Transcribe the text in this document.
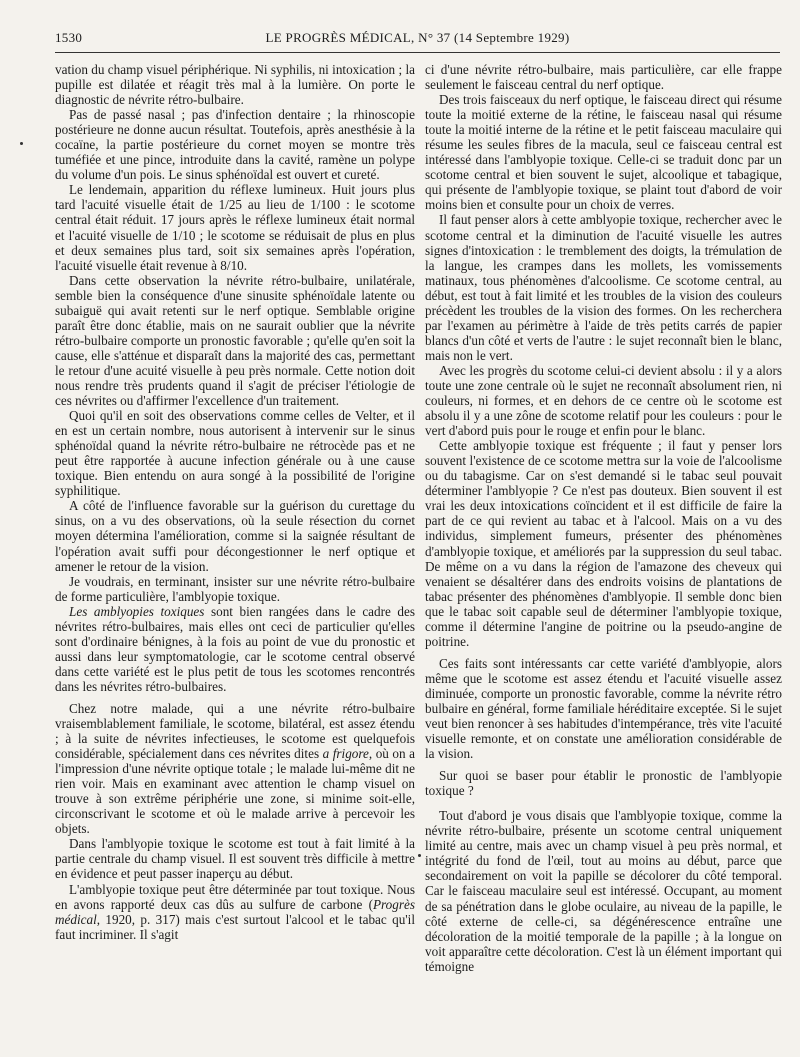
1530	LE PROGRÈS MÉDICAL, N° 37 (14 Septembre 1929)

vation du champ visuel périphérique. Ni syphilis, ni intoxication ; la pupille est dilatée et réagit très mal à la lumière. On porte le diagnostic de névrite rétro-bulbaire.

Pas de passé nasal ; pas d'infection dentaire ; la rhinoscopie postérieure ne donne aucun résultat. Toutefois, après anesthésie à la cocaïne, la partie postérieure du cornet moyen se montre très tuméfiée et une pince, introduite dans la cavité, ramène un polype du volume d'un pois. Le sinus sphénoïdal est ouvert et cureté.

Le lendemain, apparition du réflexe lumineux. Huit jours plus tard l'acuité visuelle était de 1/25 au lieu de 1/100 : le scotome central était réduit. 17 jours après le réflexe lumineux était normal et l'acuité visuelle de 1/10 ; le scotome se réduisait de plus en plus et deux semaines plus tard, soit six semaines après l'opération, l'acuité visuelle était revenue à 8/10.

Dans cette observation la névrite rétro-bulbaire, unilatérale, semble bien la conséquence d'une sinusite sphénoïdale latente ou subaiguë qui avait retenti sur le nerf optique. Semblable origine paraît être donc établie, mais on ne saurait oublier que la névrite rétro-bulbaire comporte un pronostic favorable ; qu'elle qu'en soit la cause, elle s'atténue et disparaît dans la majorité des cas, permettant le retour d'une acuité visuelle à peu près normale. Cette notion doit nous rendre très prudents quand il s'agit de préciser l'étiologie de ces névrites ou d'affirmer l'excellence d'un traitement.

Quoi qu'il en soit des observations comme celles de Velter, et il en est un certain nombre, nous autorisent à intervenir sur le sinus sphénoïdal quand la névrite rétro-bulbaire ne rétrocède pas et ne peut être rapportée à aucune infection générale ou à une cause toxique. Bien entendu on aura songé à la possibilité de l'origine syphilitique.

A côté de l'influence favorable sur la guérison du curettage du sinus, on a vu des observations, où la seule résection du cornet moyen détermina l'amélioration, comme si la saignée résultant de l'opération avait suffi pour décongestionner le nerf optique et amener le retour de la vision.

Je voudrais, en terminant, insister sur une névrite rétro-bulbaire de forme particulière, l'amblyopie toxique.

Les amblyopies toxiques sont bien rangées dans le cadre des névrites rétro-bulbaires, mais elles ont ceci de particulier qu'elles sont d'ordinaire bénignes, à la fois au point de vue du pronostic et aussi dans leur symptomatologie, car le scotome central observé dans cette variété est le plus petit de tous les scotomes rencontrés dans les névrites rétro-bulbaires.

Chez notre malade, qui a une névrite rétro-bulbaire vraisemblablement familiale, le scotome, bilatéral, est assez étendu ; à la suite de névrites infectieuses, le scotome est quelquefois considérable, spécialement dans ces névrites dites a frigore, où on a l'impression d'une névrite optique totale ; le malade lui-même dit ne rien voir. Mais en examinant avec attention le champ visuel on trouve à son extrême périphérie une zone, si minime soit-elle, circonscrivant le scotome et où le malade arrive à percevoir les objets.

Dans l'amblyopie toxique le scotome est tout à fait limité à la partie centrale du champ visuel. Il est souvent très difficile à mettre en évidence et peut passer inaperçu au début.

L'amblyopie toxique peut être déterminée par tout toxique. Nous en avons rapporté deux cas dûs au sulfure de carbone (Progrès médical, 1920, p. 317) mais c'est surtout l'alcool et le tabac qu'il faut incriminer. Il s'agit

ci d'une névrite rétro-bulbaire, mais particulière, car elle frappe seulement le faisceau central du nerf optique.

Des trois faisceaux du nerf optique, le faisceau direct qui résume toute la moitié externe de la rétine, le faisceau nasal qui résume toute la moitié interne de la rétine et le petit faisceau maculaire qui résume les seules fibres de la macula, seul ce faisceau central est intéressé dans l'amblyopie toxique. Celle-ci se traduit donc par un scotome central et bien souvent le sujet, alcoolique et tabagique, qui présente de l'amblyopie toxique, se plaint tout d'abord de voir moins bien et consulte pour un choix de verres.

Il faut penser alors à cette amblyopie toxique, rechercher avec le scotome central et la diminution de l'acuité visuelle les autres signes d'intoxication : le tremblement des doigts, la trémulation de la langue, les crampes dans les mollets, les vomissements matinaux, tous phénomènes d'alcoolisme. Ce scotome central, au début, est tout à fait limité et les troubles de la vision des couleurs précèdent les troubles de la vision des formes. On les recherchera par l'examen au périmètre à l'aide de très petits carrés de papier blancs d'un côté et verts de l'autre : le sujet reconnaît bien le blanc, mais non le vert.

Avec les progrès du scotome celui-ci devient absolu : il y a alors toute une zone centrale où le sujet ne reconnaît absolument rien, ni couleurs, ni formes, et en dehors de ce centre où le scotome est absolu il y a une zône de scotome relatif pour les couleurs : pour le vert d'abord puis pour le rouge et enfin pour le blanc.

Cette amblyopie toxique est fréquente ; il faut y penser lors souvent l'existence de ce scotome mettra sur la voie de l'alcoolisme ou du tabagisme. Car on s'est demandé si le tabac seul pouvait déterminer l'amblyopie ? Ce n'est pas douteux. Bien souvent il est vrai les deux intoxications coïncident et il est difficile de faire la part de ce qui revient au tabac et à l'alcool. Mais on a vu des individus, simplement fumeurs, présenter des phénomènes d'amblyopie toxique, et améliorés par la suppression du seul tabac. De même on a vu dans la région de l'amazone des cheveux qui venaient se désaltérer dans des endroits voisins de plantations de tabac présenter des phénomènes d'amblyopie. Il semble donc bien que le tabac soit capable seul de déterminer l'amblyopie toxique, comme il détermine l'angine de poitrine ou la pseudo-angine de poitrine.

Ces faits sont intéressants car cette variété d'amblyopie, alors même que le scotome est assez étendu et l'acuité visuelle assez diminuée, comporte un pronostic favorable, comme la névrite rétro bulbaire en général, forme familiale héréditaire exceptée. Si le sujet veut bien renoncer à ses habitudes d'intempérance, très vite l'acuité visuelle remonte, et on constate une amélioration considérable de la vision.

Sur quoi se baser pour établir le pronostic de l'amblyopie toxique ?

Tout d'abord je vous disais que l'amblyopie toxique, comme la névrite rétro-bulbaire, présente un scotome central uniquement limité au centre, mais avec un champ visuel à peu près normal, et intégrité du fond de l'œil, tout au moins au début, parce que secondairement on voit la papille se décolorer du côté temporal. Car le faisceau maculaire seul est intéressé. Occupant, au moment de sa pénétration dans le globe oculaire, au niveau de la papille, le côté externe de celle-ci, sa dégénérescence entraîne une décoloration de la moitié temporale de la papille ; à la longue on voit apparaître cette décoloration. C'est là un élément important qui témoigne
